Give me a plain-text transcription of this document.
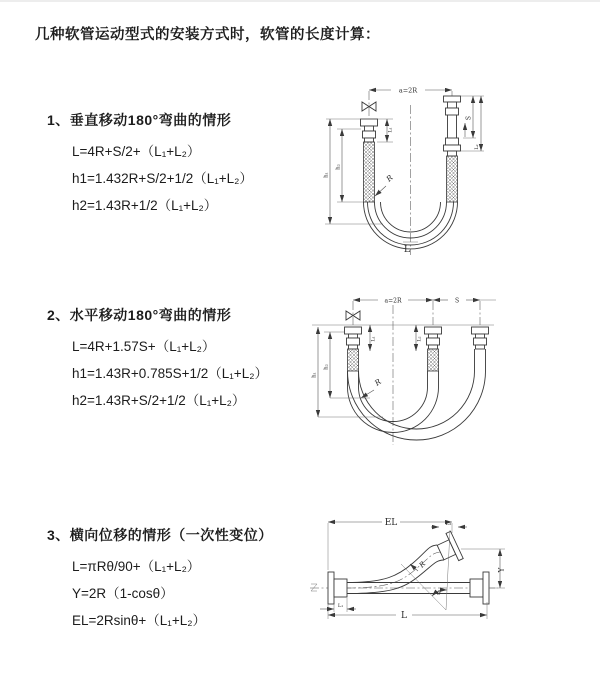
几种软管运动型式的安装方式时，软管的长度计算：
1、垂直移动180°弯曲的情形
L=4R+S/2+（L₁+L₂）
h1=1.432R+S/2+1/2（L₁+L₂）
h2=1.43R+1/2（L₁+L₂）
2、水平移动180°弯曲的情形
L=4R+1.57S+（L₁+L₂）
h1=1.43R+0.785S+1/2（L₁+L₂）
h2=1.43R+S/2+1/2（L₁+L₂）
3、横向位移的情形（一次性变位）
L=πRθ/90+（L₁+L₂）
Y=2R（1-cosθ）
EL=2Rsinθ+（L₁+L₂）
a=2R
R
h₁
h₂
L₁
S
L₂
L
a=2R	S
R
h₁
h₂
L₁	L₂
θ
R
EL	L₂
Y
L
L₁
